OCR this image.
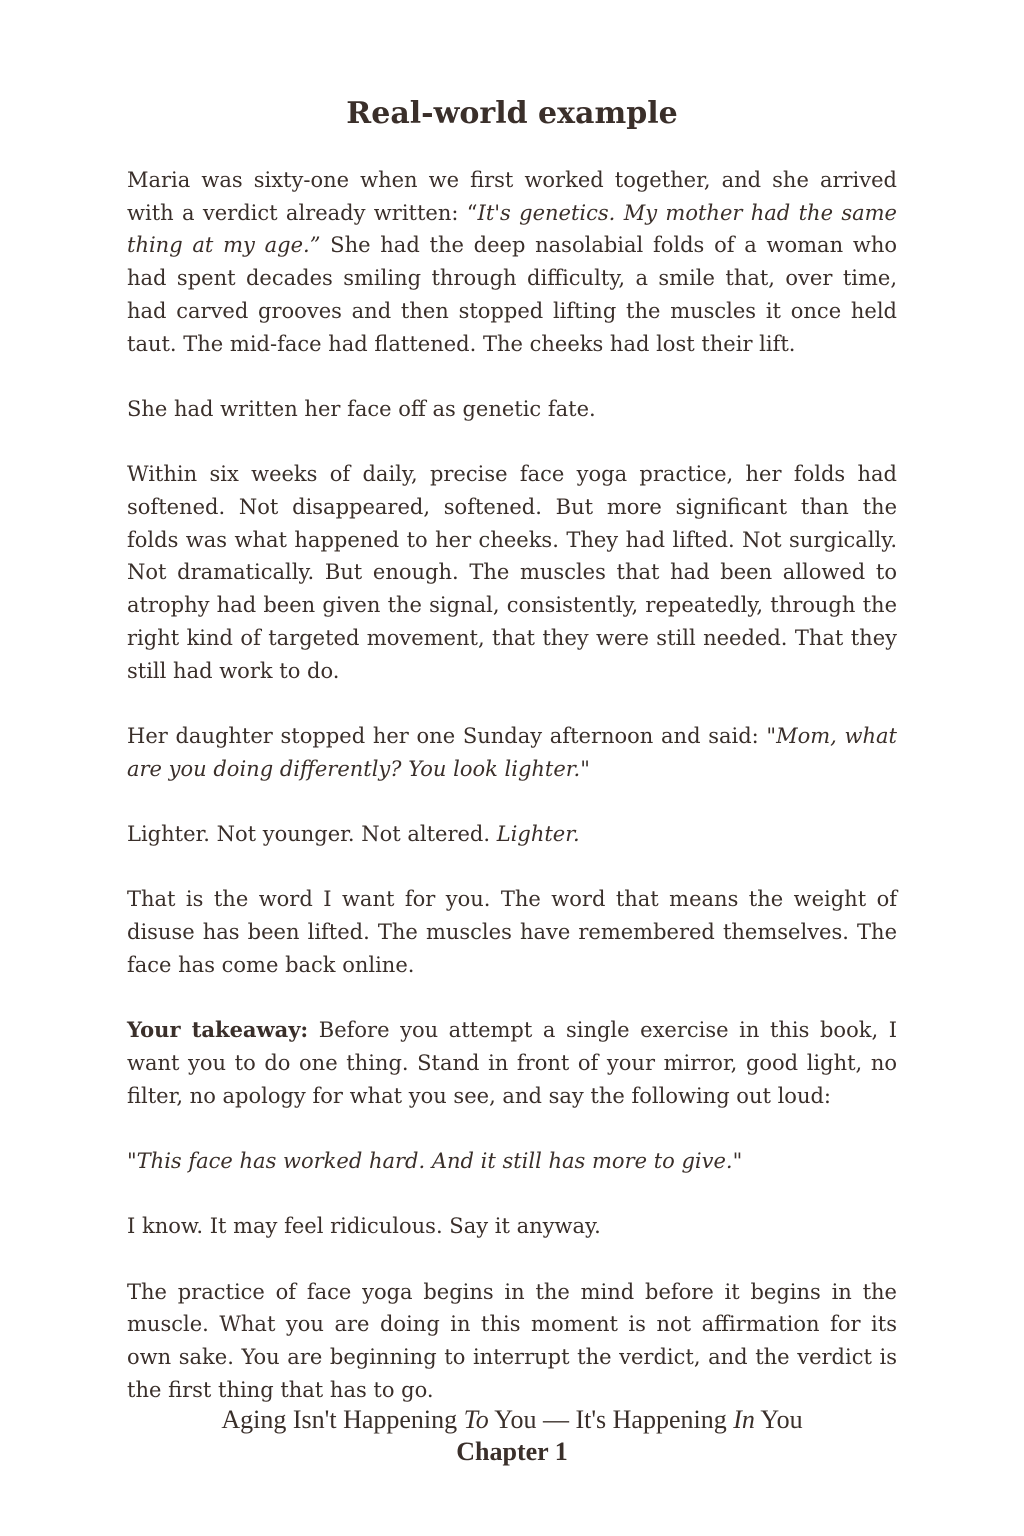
Real-world example

Maria was sixty-one when we first worked together, and she arrived with a verdict already written: “It's genetics. My mother had the same thing at my age.” She had the deep nasolabial folds of a woman who had spent decades smiling through difficulty, a smile that, over time, had carved grooves and then stopped lifting the muscles it once held taut. The mid-face had flattened. The cheeks had lost their lift.

She had written her face off as genetic fate.

Within six weeks of daily, precise face yoga practice, her folds had softened. Not disappeared, softened. But more significant than the folds was what happened to her cheeks. They had lifted. Not surgically. Not dramatically. But enough. The muscles that had been allowed to atrophy had been given the signal, consistently, repeatedly, through the right kind of targeted movement, that they were still needed. That they still had work to do.

Her daughter stopped her one Sunday afternoon and said: "Mom, what are you doing differently? You look lighter."

Lighter. Not younger. Not altered. Lighter.

That is the word I want for you. The word that means the weight of disuse has been lifted. The muscles have remembered themselves. The face has come back online.

Your takeaway: Before you attempt a single exercise in this book, I want you to do one thing. Stand in front of your mirror, good light, no filter, no apology for what you see, and say the following out loud:

"This face has worked hard. And it still has more to give."

I know. It may feel ridiculous. Say it anyway.

The practice of face yoga begins in the mind before it begins in the muscle. What you are doing in this moment is not affirmation for its own sake. You are beginning to interrupt the verdict, and the verdict is the first thing that has to go.

Aging Isn't Happening To You — It's Happening In You
Chapter 1
